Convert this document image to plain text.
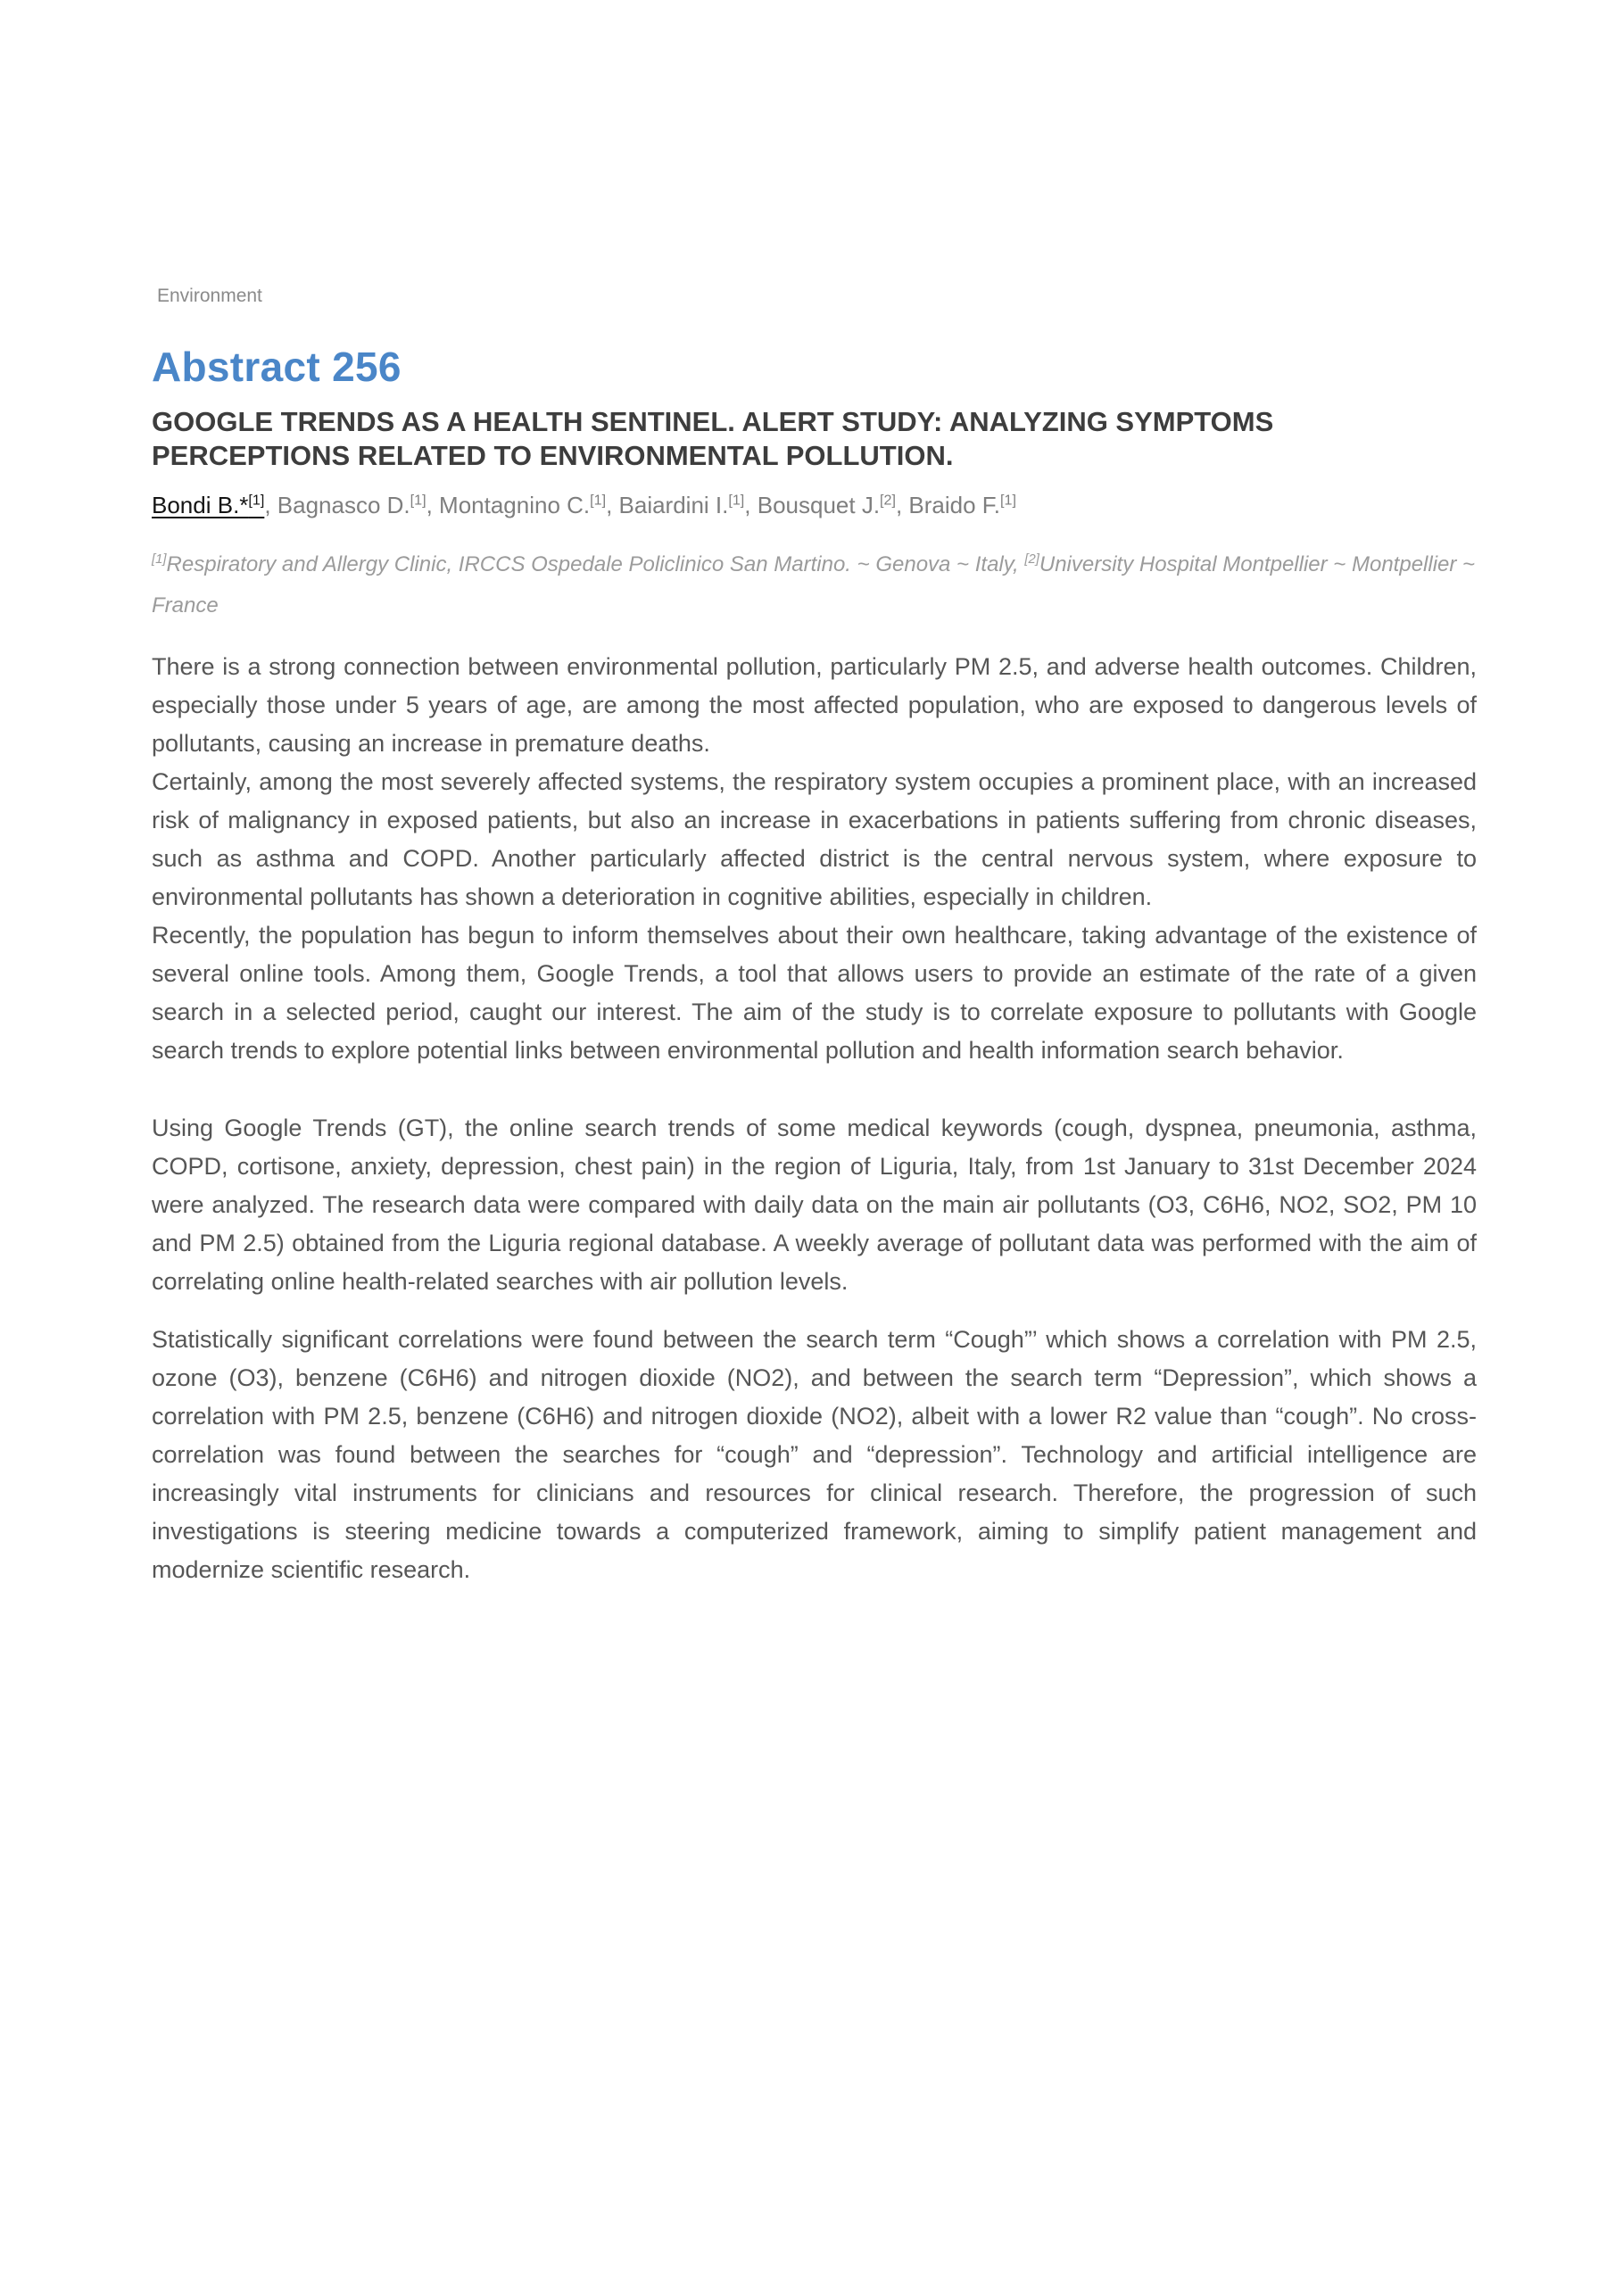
Environment

Abstract 256
GOOGLE TRENDS AS A HEALTH SENTINEL. ALERT STUDY: ANALYZING SYMPTOMS PERCEPTIONS RELATED TO ENVIRONMENTAL POLLUTION.

Bondi B.*[1], Bagnasco D.[1], Montagnino C.[1], Baiardini I.[1], Bousquet J.[2], Braido F.[1]

[1]Respiratory and Allergy Clinic, IRCCS Ospedale Policlinico San Martino. ~ Genova ~ Italy, [2]University Hospital Montpellier ~ Montpellier ~ France

There is a strong connection between environmental pollution, particularly PM 2.5, and adverse health outcomes. Children, especially those under 5 years of age, are among the most affected population, who are exposed to dangerous levels of pollutants, causing an increase in premature deaths.

Certainly, among the most severely affected systems, the respiratory system occupies a prominent place, with an increased risk of malignancy in exposed patients, but also an increase in exacerbations in patients suffering from chronic diseases, such as asthma and COPD. Another particularly affected district is the central nervous system, where exposure to environmental pollutants has shown a deterioration in cognitive abilities, especially in children.

Recently, the population has begun to inform themselves about their own healthcare, taking advantage of the existence of several online tools. Among them, Google Trends, a tool that allows users to provide an estimate of the rate of a given search in a selected period, caught our interest. The aim of the study is to correlate exposure to pollutants with Google search trends to explore potential links between environmental pollution and health information search behavior.

Using Google Trends (GT), the online search trends of some medical keywords (cough, dyspnea, pneumonia, asthma, COPD, cortisone, anxiety, depression, chest pain) in the region of Liguria, Italy, from 1st January to 31st December 2024 were analyzed. The research data were compared with daily data on the main air pollutants (O3, C6H6, NO2, SO2, PM 10 and PM 2.5) obtained from the Liguria regional database. A weekly average of pollutant data was performed with the aim of correlating online health-related searches with air pollution levels.

Statistically significant correlations were found between the search term “Cough”’ which shows a correlation with PM 2.5, ozone (O3), benzene (C6H6) and nitrogen dioxide (NO2), and between the search term “Depression”, which shows a correlation with PM 2.5, benzene (C6H6) and nitrogen dioxide (NO2), albeit with a lower R2 value than “cough”. No cross-correlation was found between the searches for “cough” and “depression”. Technology and artificial intelligence are increasingly vital instruments for clinicians and resources for clinical research. Therefore, the progression of such investigations is steering medicine towards a computerized framework, aiming to simplify patient management and modernize scientific research.
